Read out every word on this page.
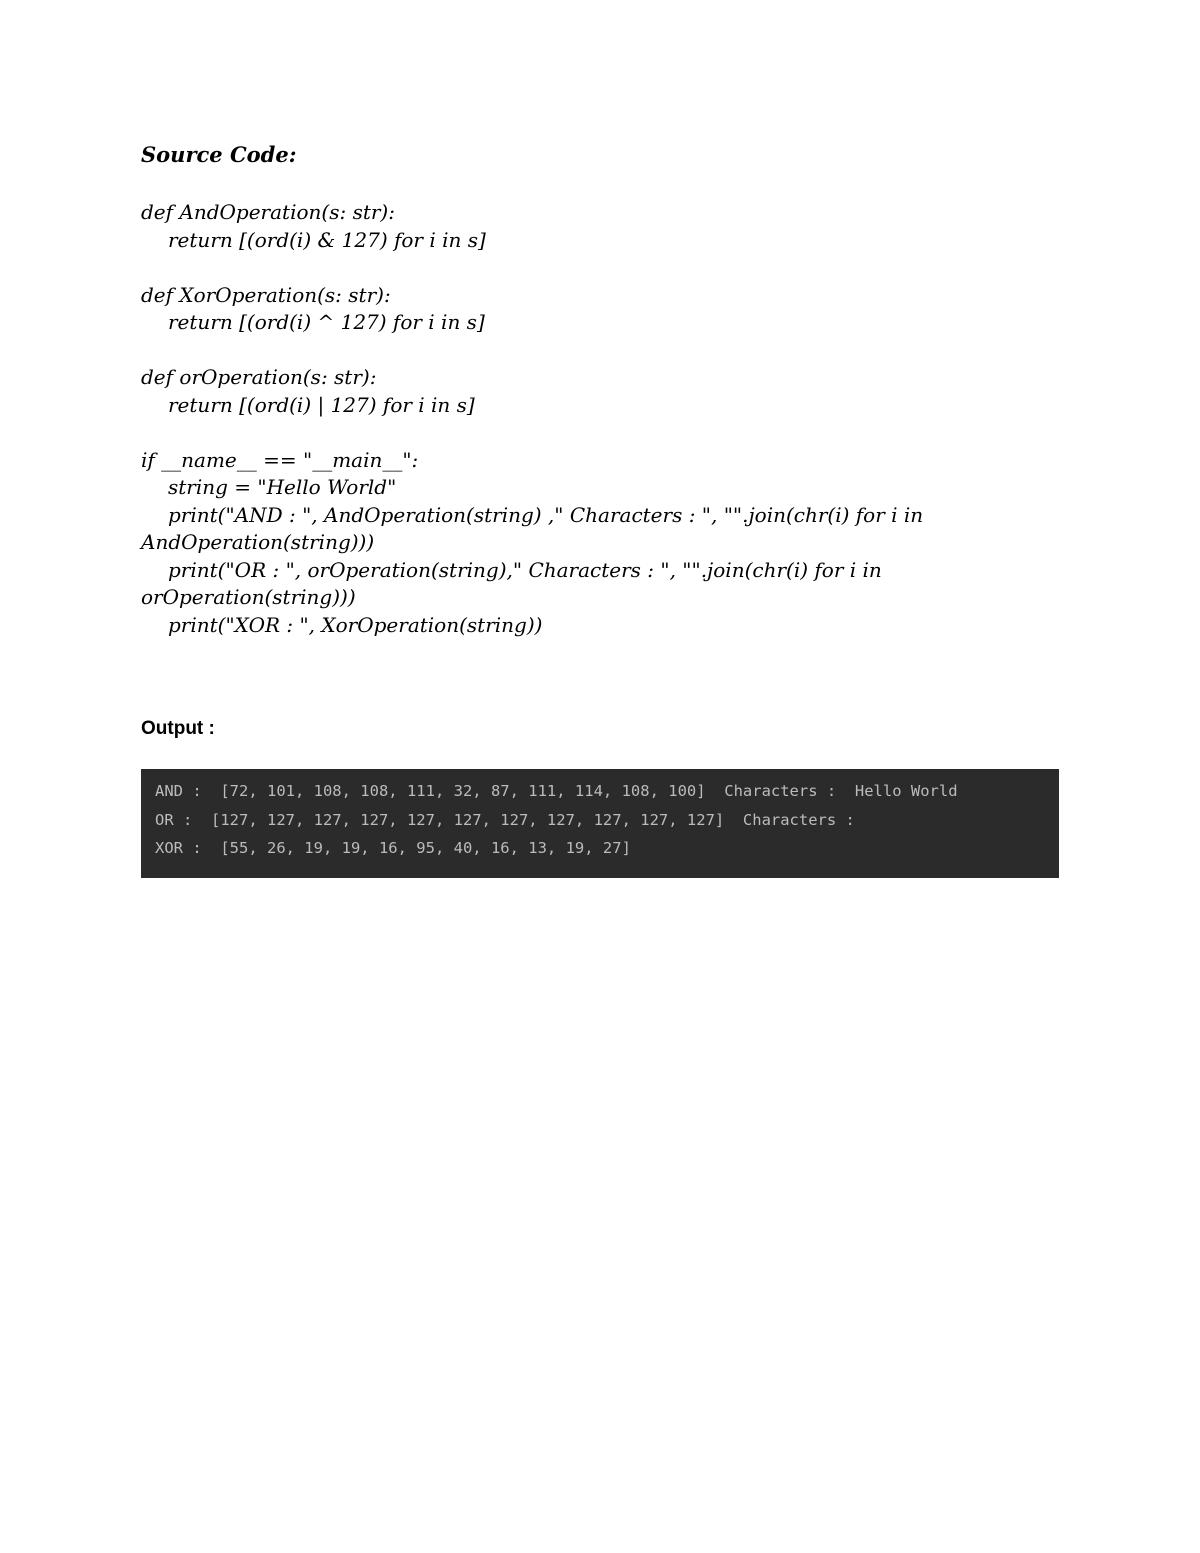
Source Code:
def AndOperation(s: str):
return [(ord(i) & 127) for i in s]
def XorOperation(s: str):
return [(ord(i) ^ 127) for i in s]
def orOperation(s: str):
return [(ord(i) | 127) for i in s]
if __name__ == "__main__":
string = "Hello World"
print("AND : ", AndOperation(string) ," Characters : ", "".join(chr(i) for i in
AndOperation(string)))
print("OR : ", orOperation(string)," Characters : ", "".join(chr(i) for i in
orOperation(string)))
print("XOR : ", XorOperation(string))
Output :
AND :  [72, 101, 108, 108, 111, 32, 87, 111, 114, 108, 100]  Characters :  Hello World
OR :  [127, 127, 127, 127, 127, 127, 127, 127, 127, 127, 127]  Characters :  
XOR :  [55, 26, 19, 19, 16, 95, 40, 16, 13, 19, 27]
